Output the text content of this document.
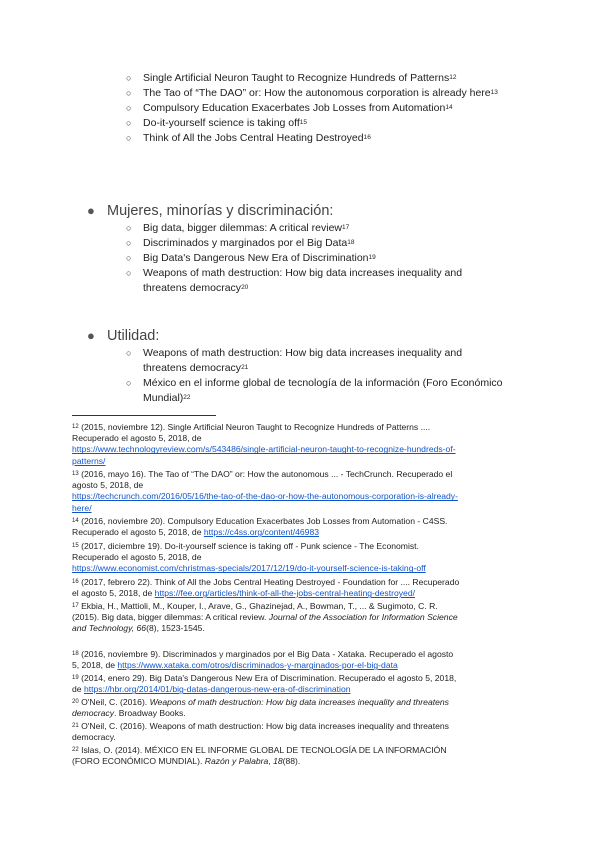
○ Single Artificial Neuron Taught to Recognize Hundreds of Patterns$^{12}$
○ The Tao of “The DAO” or: How the autonomous corporation is already here$^{13}$
○ Compulsory Education Exacerbates Job Losses from Automation$^{14}$
○ Do-it-yourself science is taking off$^{15}$
○ Think of All the Jobs Central Heating Destroyed$^{16}$
● Mujeres, minorías y discriminación:
○ Big data, bigger dilemmas: A critical review$^{17}$
○ Discriminados y marginados por el Big Data$^{18}$
○ Big Data's Dangerous New Era of Discrimination$^{19}$
○ Weapons of math destruction: How big data increases inequality and
threatens democracy$^{20}$
● Utilidad:
○ Weapons of math destruction: How big data increases inequality and
threatens democracy$^{21}$
○ México en el informe global de tecnología de la información (Foro Económico
Mundial)$^{22}$
$^{12}$ (2015, noviembre 12). Single Artificial Neuron Taught to Recognize Hundreds of Patterns ....
Recuperado el agosto 5, 2018, de
https://www.technologyreview.com/s/543486/single-artificial-neuron-taught-to-recognize-hundreds-of-
patterns/
$^{13}$ (2016, mayo 16). The Tao of “The DAO” or: How the autonomous ... - TechCrunch. Recuperado el
agosto 5, 2018, de
https://techcrunch.com/2016/05/16/the-tao-of-the-dao-or-how-the-autonomous-corporation-is-already-
here/
$^{14}$ (2016, noviembre 20). Compulsory Education Exacerbates Job Losses from Automation - C4SS.
Recuperado el agosto 5, 2018, de https://c4ss.org/content/46983
$^{15}$ (2017, diciembre 19). Do-it-yourself science is taking off - Punk science - The Economist.
Recuperado el agosto 5, 2018, de
https://www.economist.com/christmas-specials/2017/12/19/do-it-yourself-science-is-taking-off
$^{16}$ (2017, febrero 22). Think of All the Jobs Central Heating Destroyed - Foundation for .... Recuperado
el agosto 5, 2018, de https://fee.org/articles/think-of-all-the-jobs-central-heating-destroyed/
$^{17}$ Ekbia, H., Mattioli, M., Kouper, I., Arave, G., Ghazinejad, A., Bowman, T., ... & Sugimoto, C. R.
(2015). Big data, bigger dilemmas: A critical review. Journal of the Association for Information Science
and Technology, 66(8), 1523-1545.
$^{18}$ (2016, noviembre 9). Discriminados y marginados por el Big Data - Xataka. Recuperado el agosto
5, 2018, de https://www.xataka.com/otros/discriminados-y-marginados-por-el-big-data
$^{19}$ (2014, enero 29). Big Data's Dangerous New Era of Discrimination. Recuperado el agosto 5, 2018,
de https://hbr.org/2014/01/big-datas-dangerous-new-era-of-discrimination
$^{20}$ O'Neil, C. (2016). Weapons of math destruction: How big data increases inequality and threatens
democracy. Broadway Books.
$^{21}$ O'Neil, C. (2016). Weapons of math destruction: How big data increases inequality and threatens
democracy.
$^{22}$ Islas, O. (2014). MÉXICO EN EL INFORME GLOBAL DE TECNOLOGÍA DE LA INFORMACIÓN
(FORO ECONÓMICO MUNDIAL). Razón y Palabra, 18(88).
